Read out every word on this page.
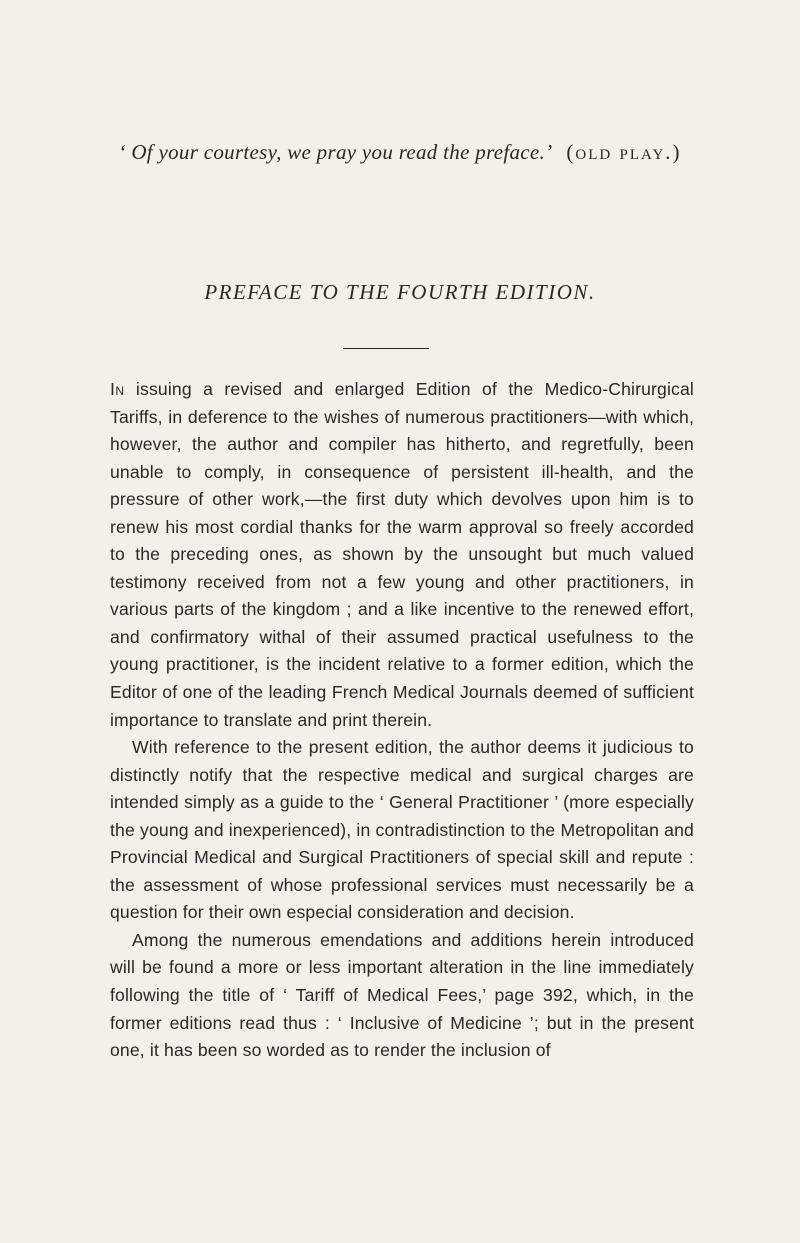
‘ Of your courtesy, we pray you read the preface.’ (old play.)
PREFACE TO THE FOURTH EDITION.

In issuing a revised and enlarged Edition of the Medico-Chirurgical Tariffs, in deference to the wishes of numerous practitioners—with which, however, the author and compiler has hitherto, and regretfully, been unable to comply, in consequence of persistent ill-health, and the pressure of other work,—the first duty which devolves upon him is to renew his most cordial thanks for the warm approval so freely accorded to the preceding ones, as shown by the unsought but much valued testimony received from not a few young and other practitioners, in various parts of the kingdom ; and a like incentive to the renewed effort, and confirmatory withal of their assumed practical usefulness to the young practitioner, is the incident relative to a former edition, which the Editor of one of the leading French Medical Journals deemed of sufficient importance to translate and print therein.

With reference to the present edition, the author deems it judicious to distinctly notify that the respective medical and surgical charges are intended simply as a guide to the ‘ General Practitioner ’ (more especially the young and inexperienced), in contradistinction to the Metropolitan and Provincial Medical and Surgical Practitioners of special skill and repute : the assessment of whose professional services must necessarily be a question for their own especial consideration and decision.

Among the numerous emendations and additions herein introduced will be found a more or less important alteration in the line immediately following the title of ‘ Tariff of Medical Fees,’ page 392, which, in the former editions read thus : ‘ Inclusive of Medicine ’; but in the present one, it has been so worded as to render the inclusion of
